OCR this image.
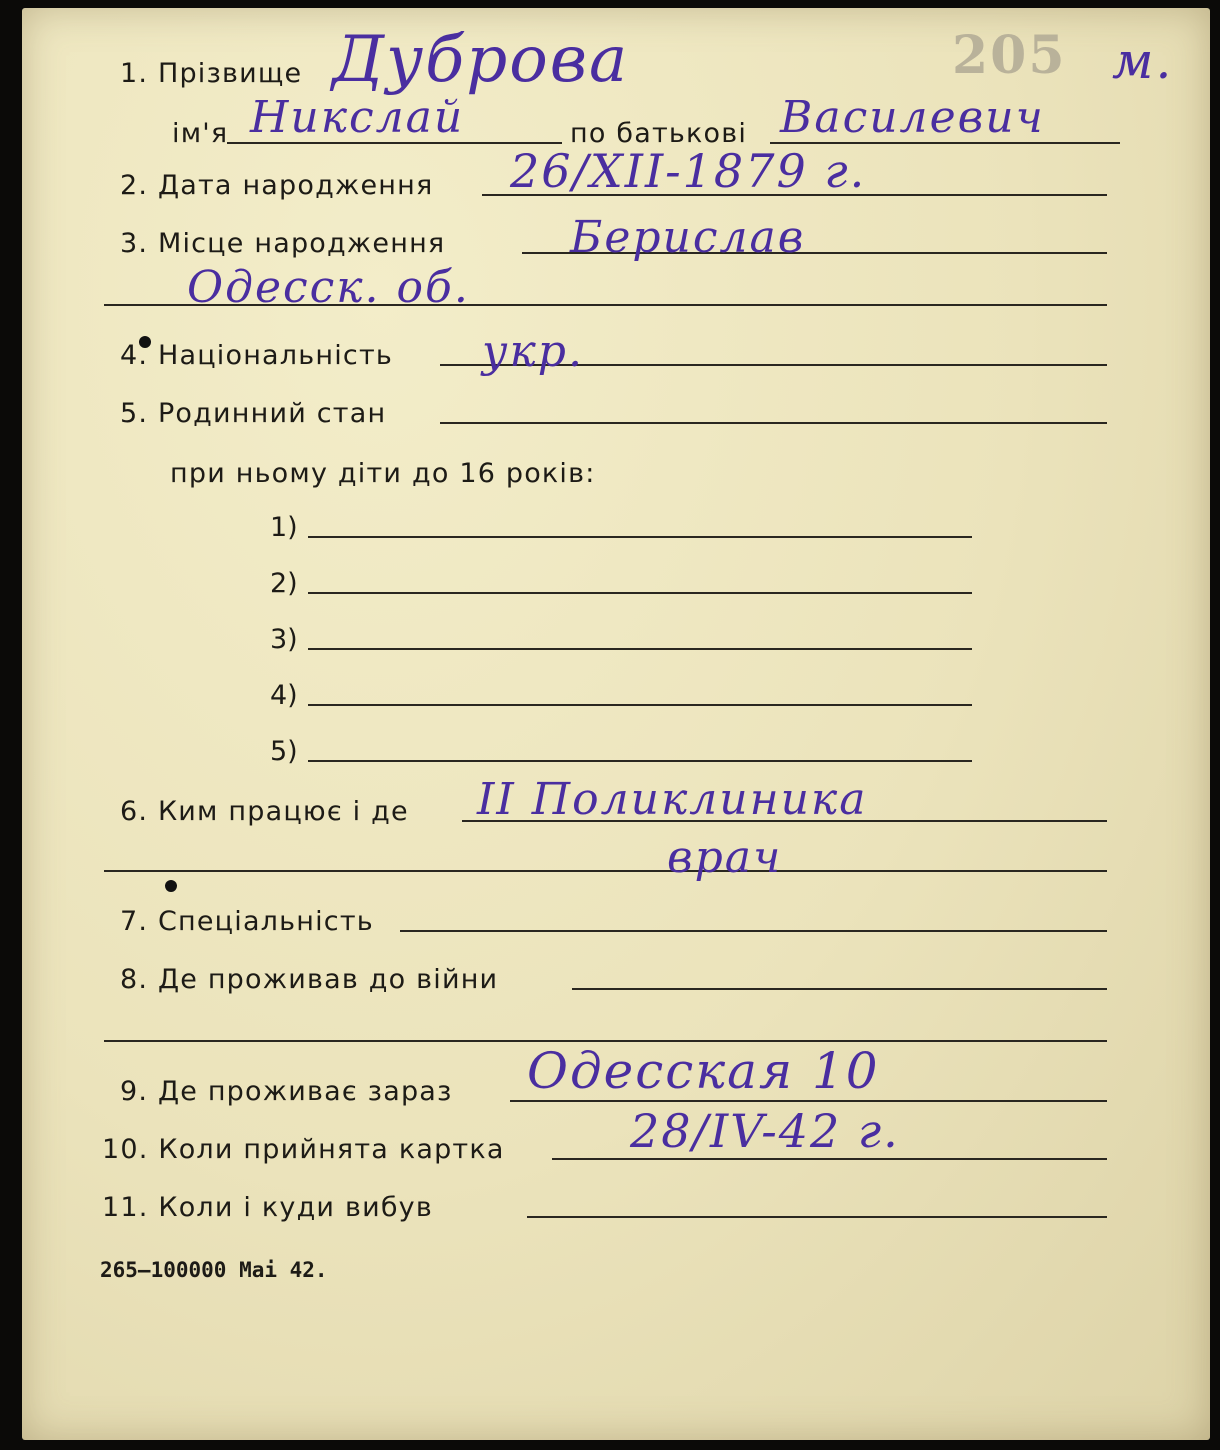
1. Прізвище Дуброва	205 м.
ім'я Никслай	по батькові Василевич
2. Дата народження 26/XII-1879 г.
3. Місце народження	Берислав
Одесск. об.
4. Національність укр.
5. Родинний стан
при ньому діти до 16 років:
1)
2)
3)
4)
5)
6. Ким працює і де II Поликлиника
врач
7. Спеціальність
8. Де проживав до війни
9. Де проживає зараз Одесская 10
10. Коли прийнята картка	28/IV-42 г.
11. Коли і куди вибув
265—100000 Mai 42.
